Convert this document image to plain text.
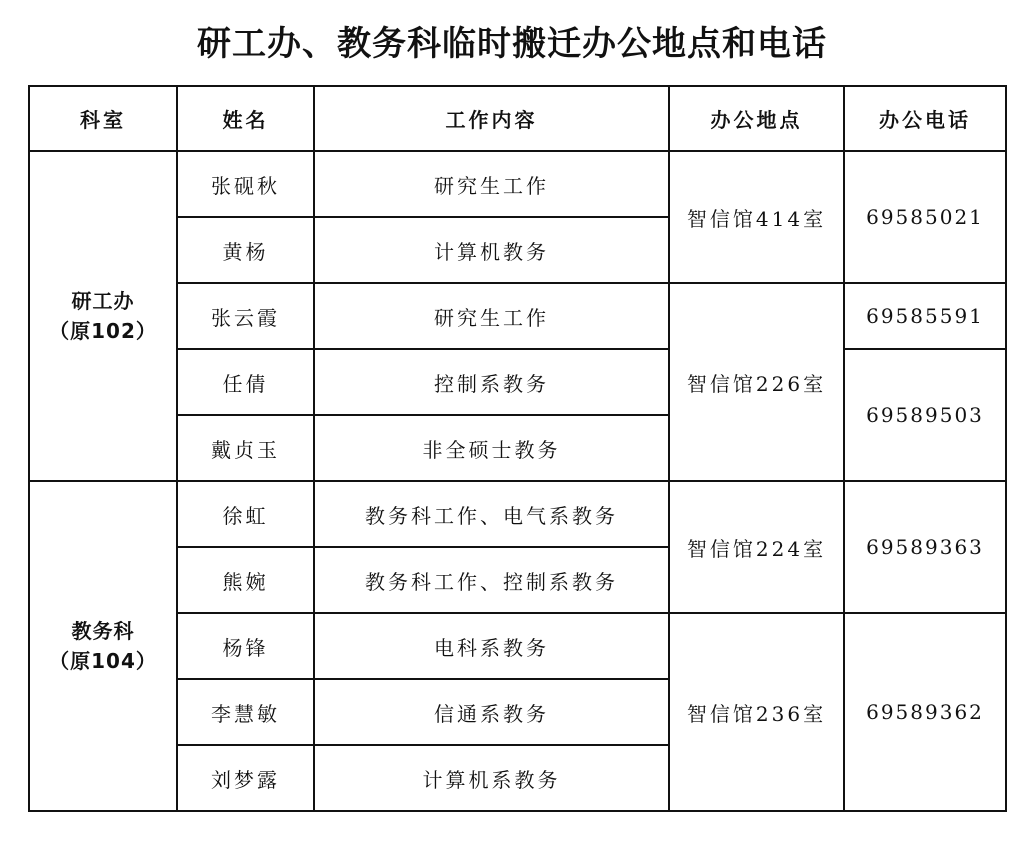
研工办、教务科临时搬迁办公地点和电话
科室	姓名	工作内容	办公地点	办公电话

研工办
（原102）	张砚秋	研究生工作	智信馆414室	69585021
	黄杨	计算机教务		
	张云霞	研究生工作	智信馆226室	69585591
	任倩	控制系教务		69589503
	戴贞玉	非全硕士教务		

教务科
（原104）	徐虹	教务科工作、电气系教务	智信馆224室	69589363
	熊婉	教务科工作、控制系教务		
	杨锋	电科系教务	智信馆236室	69589362
	李慧敏	信通系教务		
	刘梦露	计算机系教务		
